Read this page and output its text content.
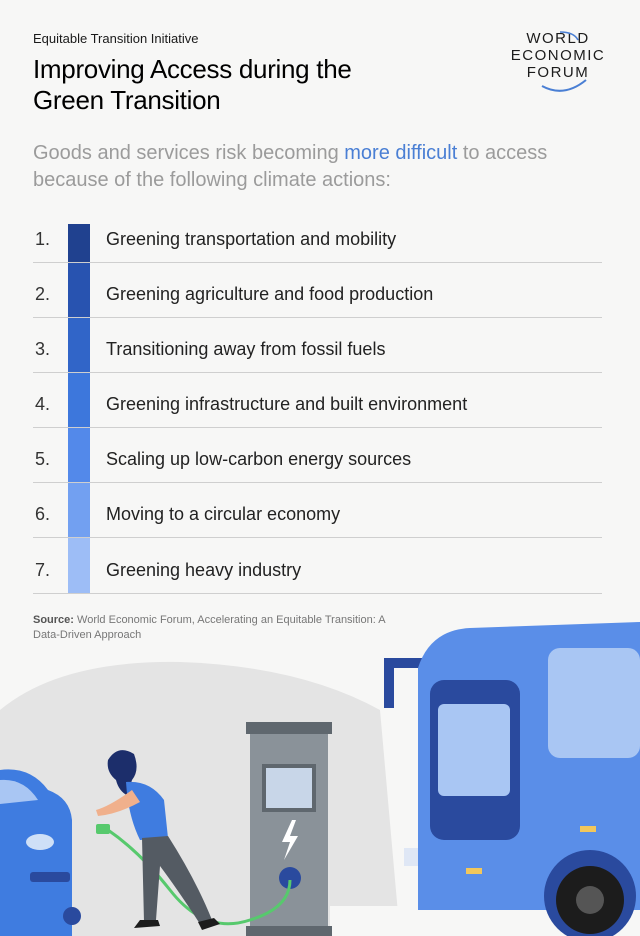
Equitable Transition Initiative
Improving Access during the Green Transition
WORLD
ECONOMIC
FORUM
Goods and services risk becoming more difficult to access because of the following climate actions:
1.	Greening transportation and mobility
2.	Greening agriculture and food production
3.	Transitioning away from fossil fuels
4.	Greening infrastructure and built environment
5.	Scaling up low-carbon energy sources
6.	Moving to a circular economy
7.	Greening heavy industry
Source: World Economic Forum, Accelerating an Equitable Transition: A Data-Driven Approach
